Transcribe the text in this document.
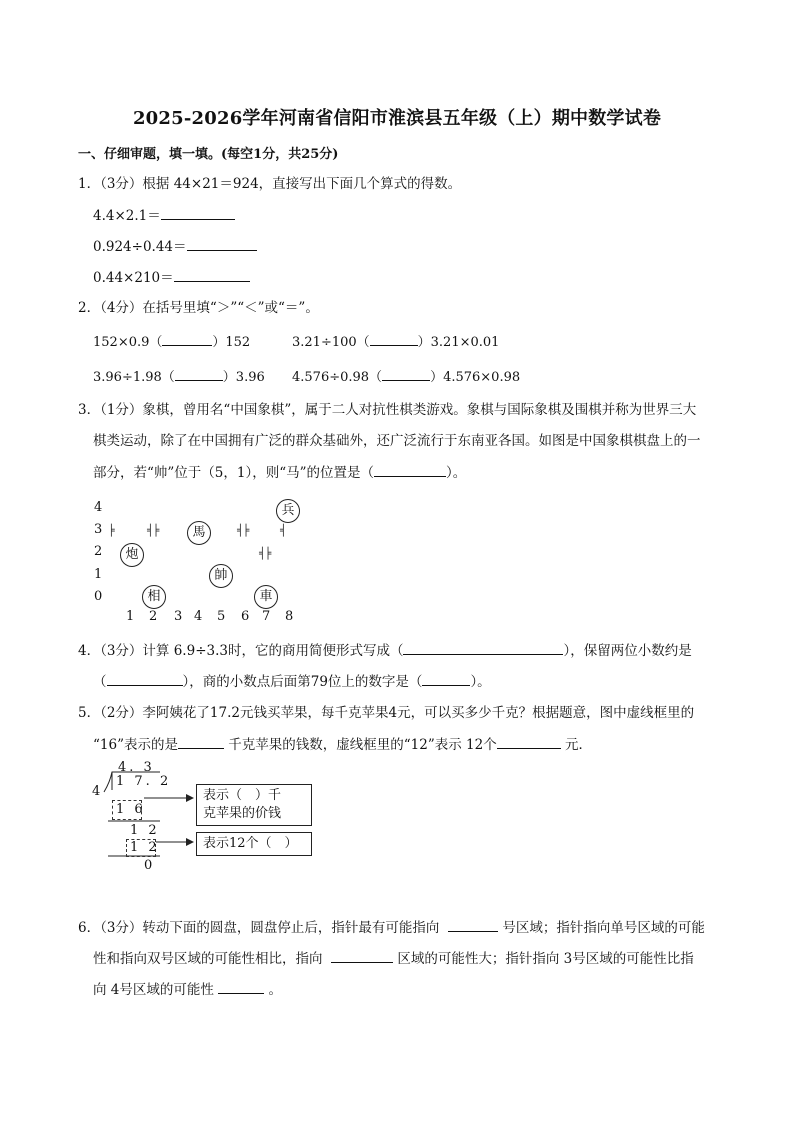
2025-2026学年河南省信阳市淮滨县五年级（上）期中数学试卷
一、仔细审题，填一填。(每空1分，共25分)
1．（3分）根据 44×21＝924，直接写出下面几个算式的得数。
4.4×2.1＝
0.924÷0.44＝
0.44×210＝
2．（4分）在括号里填“＞”“＜”或“＝”。
152×0.9（	）152	3.21÷100（	）3.21×0.01
3.96÷1.98（	）3.96 4.576÷0.98（	）4.576×0.98
3．（1分）象棋，曾用名“中国象棋”，属于二人对抗性棋类游戏。象棋与国际象棋及围棋并称为世界三大
棋类运动，除了在中国拥有广泛的群众基础外，还广泛流行于东南亚各国。如图是中国象棋棋盘上的一
部分，若“帅”位于（5，1），则“马”的位置是（	）。
4
3
2
1
0
1 2 3 4 5 6 7 8
╞	╡╞	╡╞	╡
╡╞
兵
馬
炮
帥
相	車
4．（3分）计算 6.9÷3.3时，它的商用简便形式写成（	），保留两位小数约是
（	），商的小数点后面第79位上的数字是（	）。
5．（2分）李阿姨花了17.2元钱买苹果，每千克苹果4元，可以买多少千克？根据题意，图中虚线框里的
“16”表示的是	千克苹果的钱数，虚线框里的“12”表示 12个	元．
4. 3
4
1 7. 2
1 6
1 2
1 2
0
表示（　）千
克苹果的价钱
表示12个（　）
6．（3分）转动下面的圆盘，圆盘停止后，指针最有可能指向	号区域；指针指向单号区域的可能
性和指向双号区域的可能性相比，指向	区域的可能性大；指针指向 3号区域的可能性比指
向 4号区域的可能性	。
